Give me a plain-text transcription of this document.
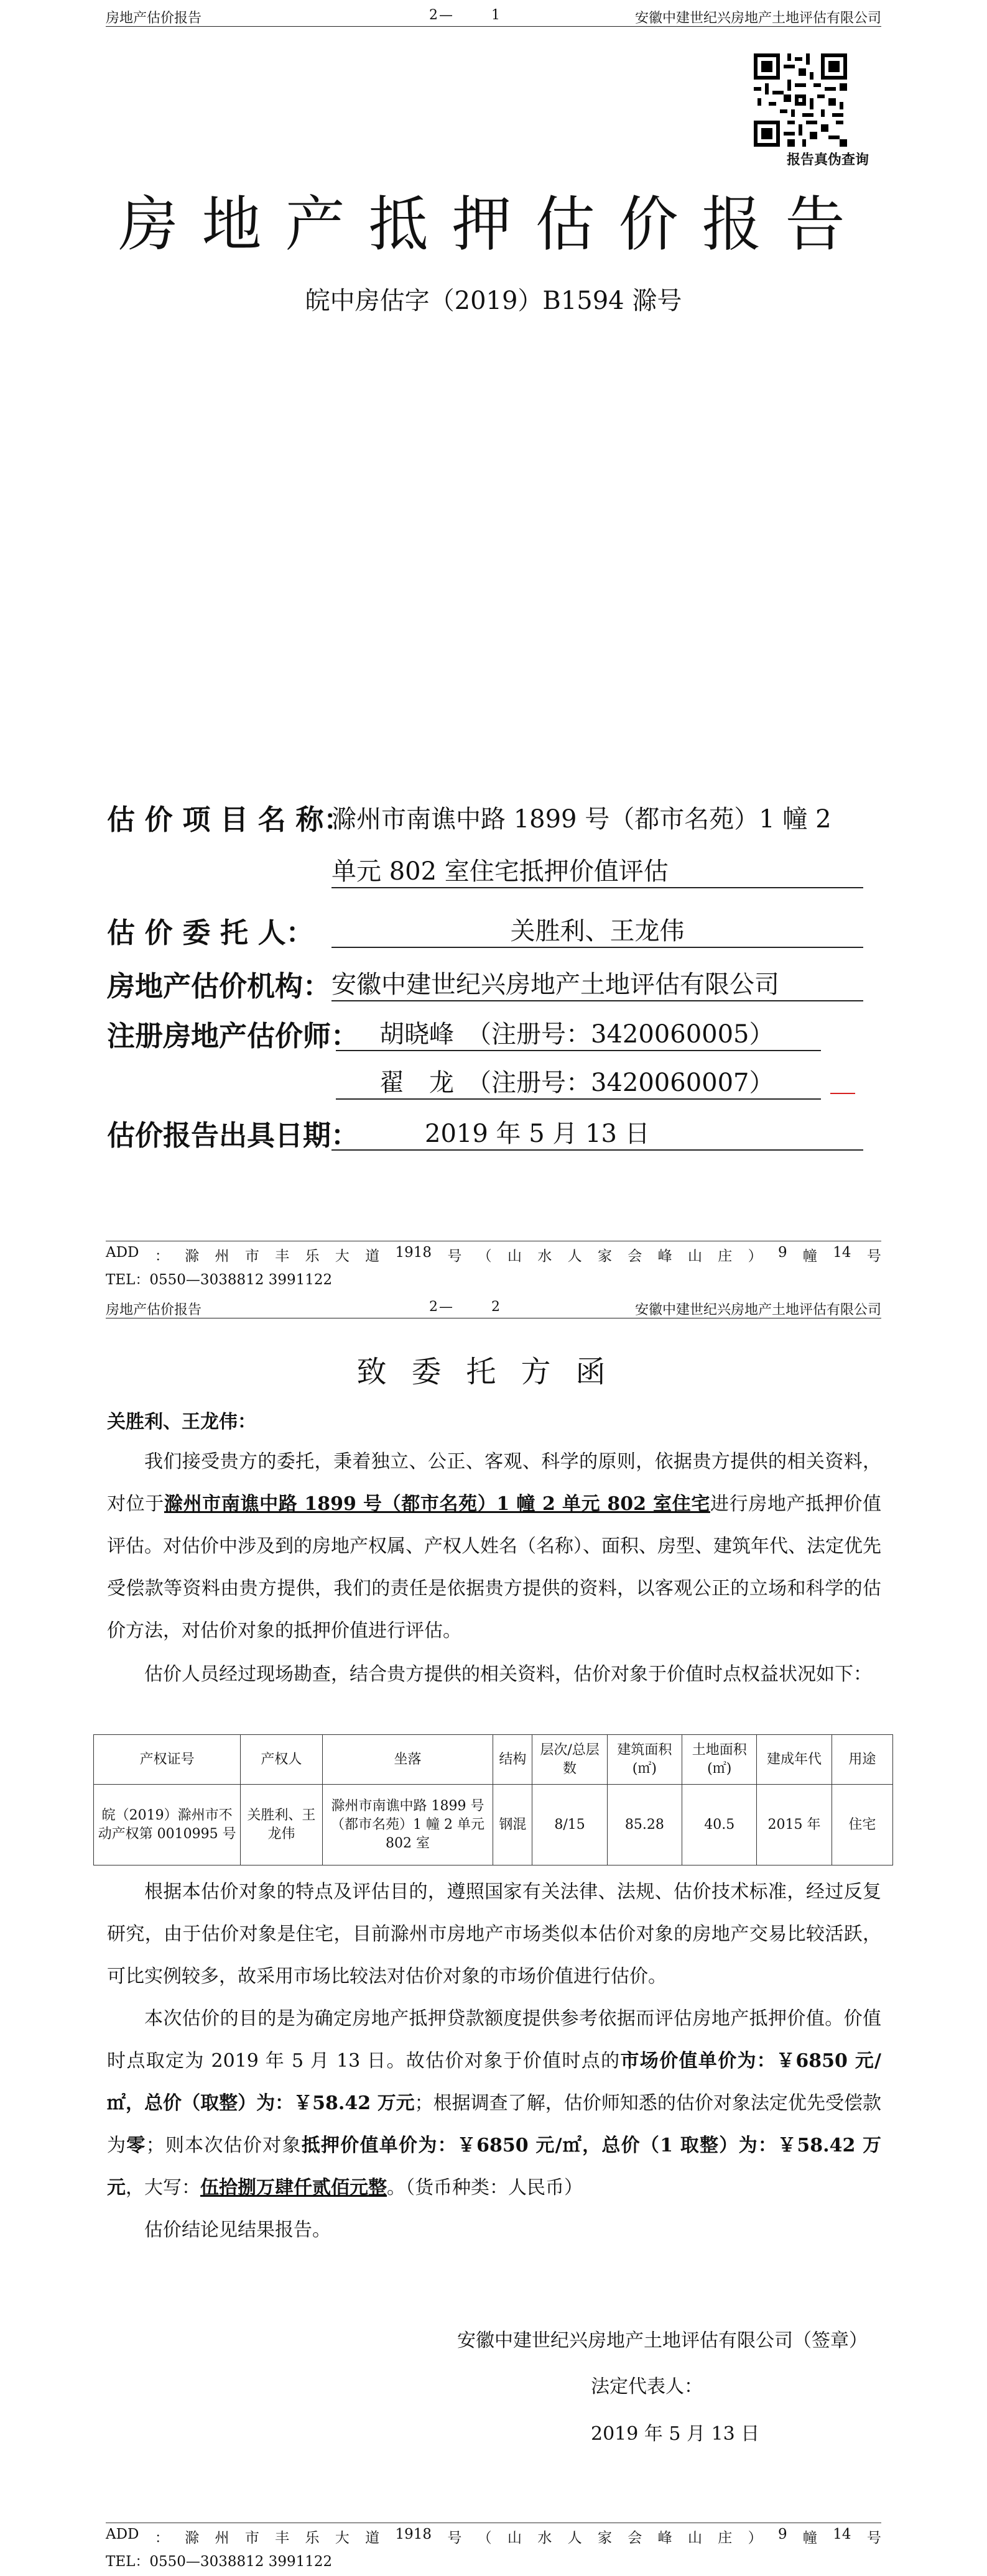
房地产估价报告	2—	1	安徽中建世纪兴房地产土地评估有限公司
报告真伪查询
房地产抵押估价报告
皖中房估字（2019）B1594 滁号
估 价 项 目 名 称：
滁州市南谯中路 1899 号（都市名苑）1 幢 2
单元 802 室住宅抵押价值评估
估 价 委 托 人：	关胜利、王龙伟
房地产估价机构： 安徽中建世纪兴房地产土地评估有限公司
注册房地产估价师： 胡晓峰　（注册号：3420060005）
翟　龙　（注册号：3420060007）
估价报告出具日期：	2019 年 5 月 13 日
ADD ： 滁 州 市 丰 乐 大 道 1918 号 （ 山 水 人 家 会 峰 山 庄 ） 9 幢 14 号
TEL：0550—3038812 3991122
房地产估价报告	2—	2	安徽中建世纪兴房地产土地评估有限公司
致委托方函
关胜利、王龙伟：
我们接受贵方的委托，秉着独立、公正、客观、科学的原则，依据贵方提供的相关资料，对位于滁州市南谯中路 1899 号（都市名苑）1 幢 2 单元 802 室住宅进行房地产抵押价值评估。对估价中涉及到的房地产权属、产权人姓名（名称）、面积、房型、建筑年代、法定优先受偿款等资料由贵方提供，我们的责任是依据贵方提供的资料，以客观公正的立场和科学的估价方法，对估价对象的抵押价值进行评估。
估价人员经过现场勘查，结合贵方提供的相关资料，估价对象于价值时点权益状况如下：
产权证号	产权人	坐落	结构	层次/总层数	建筑面积(㎡)	土地面积(㎡)	建成年代	用途
皖（2019）滁州市不动产权第 0010995 号	关胜利、王龙伟	滁州市南谯中路 1899 号（都市名苑）1 幢 2 单元 802 室	钢混	8/15	85.28	40.5	2015 年	住宅
根据本估价对象的特点及评估目的，遵照国家有关法律、法规、估价技术标准，经过反复研究，由于估价对象是住宅，目前滁州市房地产市场类似本估价对象的房地产交易比较活跃，可比实例较多，故采用市场比较法对估价对象的市场价值进行估价。
本次估价的目的是为确定房地产抵押贷款额度提供参考依据而评估房地产抵押价值。价值时点取定为 2019 年 5 月 13 日。故估价对象于价值时点的市场价值单价为：￥6850 元/㎡，总价（取整）为：￥58.42 万元；根据调查了解，估价师知悉的估价对象法定优先受偿款为零；则本次估价对象抵押价值单价为：￥6850 元/㎡，总价（1 取整）为：￥58.42 万元，大写：伍拾捌万肆仟贰佰元整。（货币种类：人民币）
估价结论见结果报告。
安徽中建世纪兴房地产土地评估有限公司（签章）
法定代表人：
2019 年 5 月 13 日
ADD ： 滁 州 市 丰 乐 大 道 1918 号 （ 山 水 人 家 会 峰 山 庄 ） 9 幢 14 号
TEL：0550—3038812 3991122
